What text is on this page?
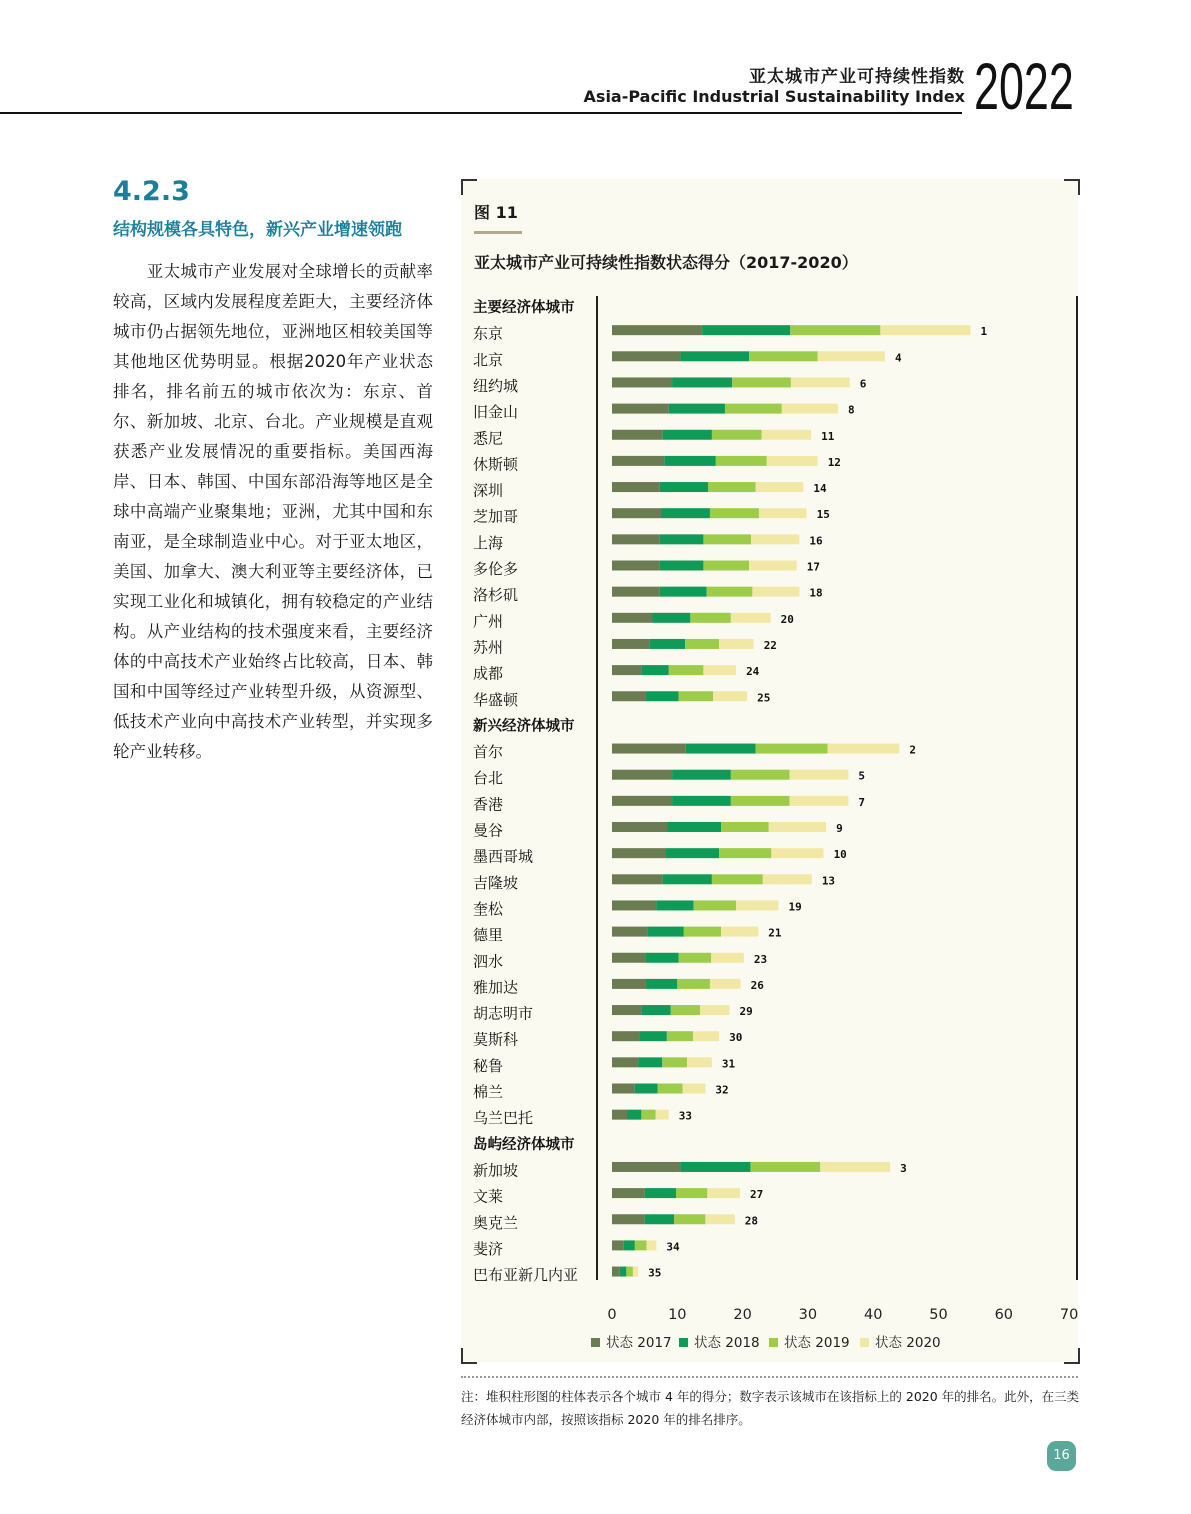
亚太城市产业可持续性指数
Asia-Pacific Industrial Sustainability Index 2022
4.2.3
结构规模各具特色，新兴产业增速领跑
　　亚太城市产业发展对全球增长的贡献率较高，区域内发展程度差距大，主要经济体城市仍占据领先地位，亚洲地区相较美国等其他地区优势明显。根据2020年产业状态排名，排名前五的城市依次为：东京、首尔、新加坡、北京、台北。产业规模是直观获悉产业发展情况的重要指标。美国西海岸、日本、韩国、中国东部沿海等地区是全球中高端产业聚集地；亚洲，尤其中国和东南亚，是全球制造业中心。对于亚太地区，美国、加拿大、澳大利亚等主要经济体，已实现工业化和城镇化，拥有较稳定的产业结构。从产业结构的技术强度来看，主要经济体的中高技术产业始终占比较高，日本、韩国和中国等经过产业转型升级，从资源型、低技术产业向中高技术产业转型，并实现多轮产业转移。
图 11
亚太城市产业可持续性指数状态得分（2017-2020）
主要经济体城市
东京	1
北京	4
纽约城	6
旧金山	8
悉尼	11
休斯顿	12
深圳	14
芝加哥	15
上海	16
多伦多	17
洛杉矶	18
广州	20
苏州	22
成都	24
华盛顿	25
新兴经济体城市
首尔	2
台北	5
香港	7
曼谷	9
墨西哥城	10
吉隆坡	13
奎松	19
德里	21
泗水	23
雅加达	26
胡志明市	29
莫斯科	30
秘鲁	31
棉兰	32
乌兰巴托	33
岛屿经济体城市
新加坡	3
文莱	27
奥克兰	28
斐济	34
巴布亚新几内亚	35
0	10	20	30	40	50	60	70
状态 2017 状态 2018 状态 2019 状态 2020
注：堆积柱形图的柱体表示各个城市 4 年的得分；数字表示该城市在该指标上的 2020 年的排名。此外，在三类经济体城市内部，按照该指标 2020 年的排名排序。
16
